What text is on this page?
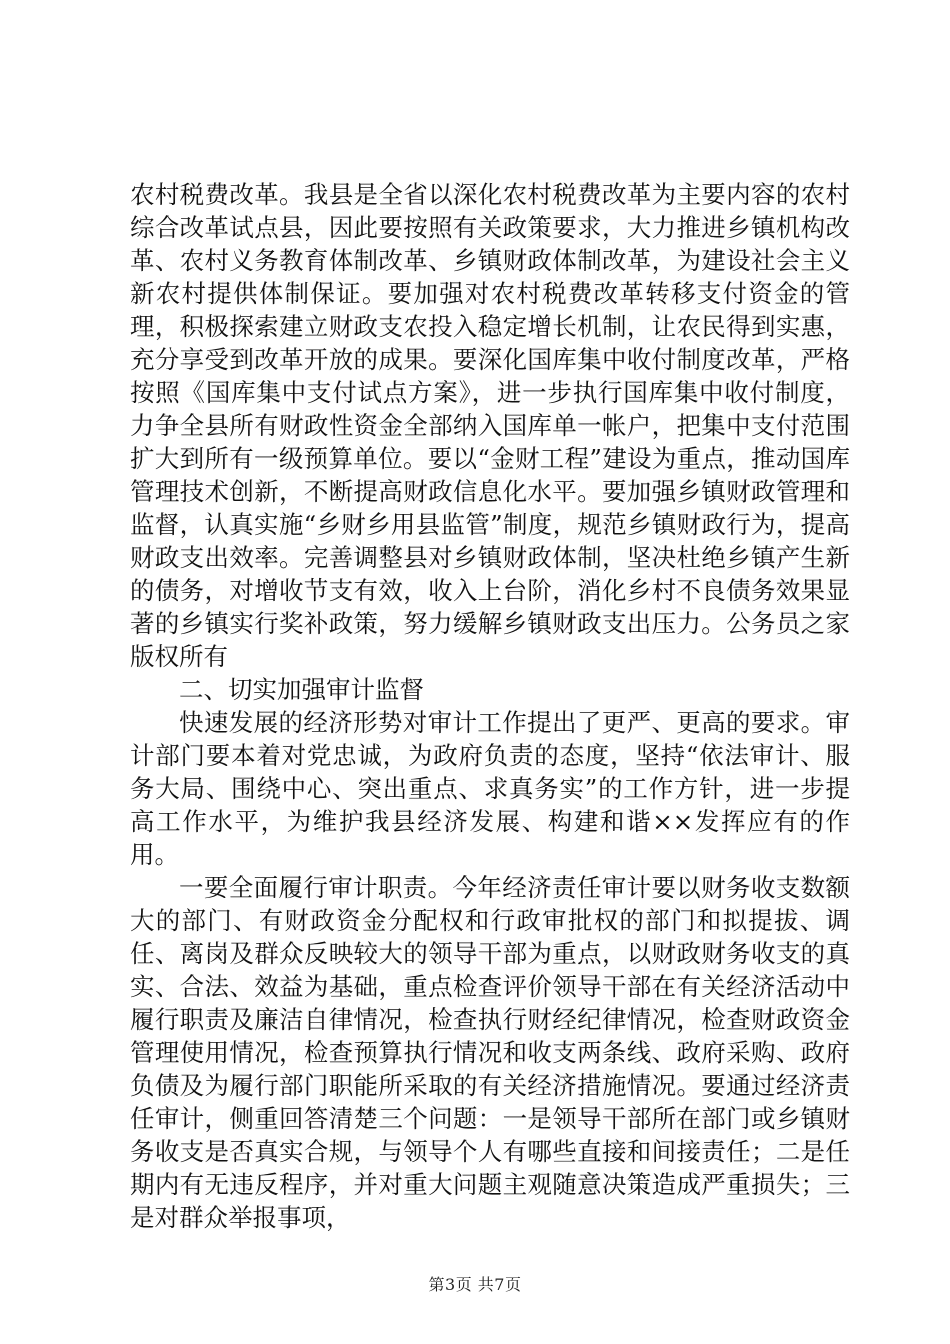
农村税费改革。我县是全省以深化农村税费改革为主要内容的农村综合改革试点县，因此要按照有关政策要求，大力推进乡镇机构改革、农村义务教育体制改革、乡镇财政体制改革，为建设社会主义新农村提供体制保证。要加强对农村税费改革转移支付资金的管理，积极探索建立财政支农投入稳定增长机制，让农民得到实惠，充分享受到改革开放的成果。要深化国库集中收付制度改革，严格按照《国库集中支付试点方案》，进一步执行国库集中收付制度，力争全县所有财政性资金全部纳入国库单一帐户，把集中支付范围扩大到所有一级预算单位。要以“金财工程”建设为重点，推动国库管理技术创新，不断提高财政信息化水平。要加强乡镇财政管理和监督，认真实施“乡财乡用县监管”制度，规范乡镇财政行为，提高财政支出效率。完善调整县对乡镇财政体制，坚决杜绝乡镇产生新的债务，对增收节支有效，收入上台阶，消化乡村不良债务效果显著的乡镇实行奖补政策，努力缓解乡镇财政支出压力。公务员之家版权所有

二、切实加强审计监督

快速发展的经济形势对审计工作提出了更严、更高的要求。审计部门要本着对党忠诚，为政府负责的态度，坚持“依法审计、服务大局、围绕中心、突出重点、求真务实”的工作方针，进一步提高工作水平，为维护我县经济发展、构建和谐××发挥应有的作用。

一要全面履行审计职责。今年经济责任审计要以财务收支数额大的部门、有财政资金分配权和行政审批权的部门和拟提拔、调任、离岗及群众反映较大的领导干部为重点，以财政财务收支的真实、合法、效益为基础，重点检查评价领导干部在有关经济活动中履行职责及廉洁自律情况，检查执行财经纪律情况，检查财政资金管理使用情况，检查预算执行情况和收支两条线、政府采购、政府负债及为履行部门职能所采取的有关经济措施情况。要通过经济责任审计，侧重回答清楚三个问题：一是领导干部所在部门或乡镇财务收支是否真实合规，与领导个人有哪些直接和间接责任；二是任期内有无违反程序，并对重大问题主观随意决策造成严重损失；三是对群众举报事项，

第3页 共7页
